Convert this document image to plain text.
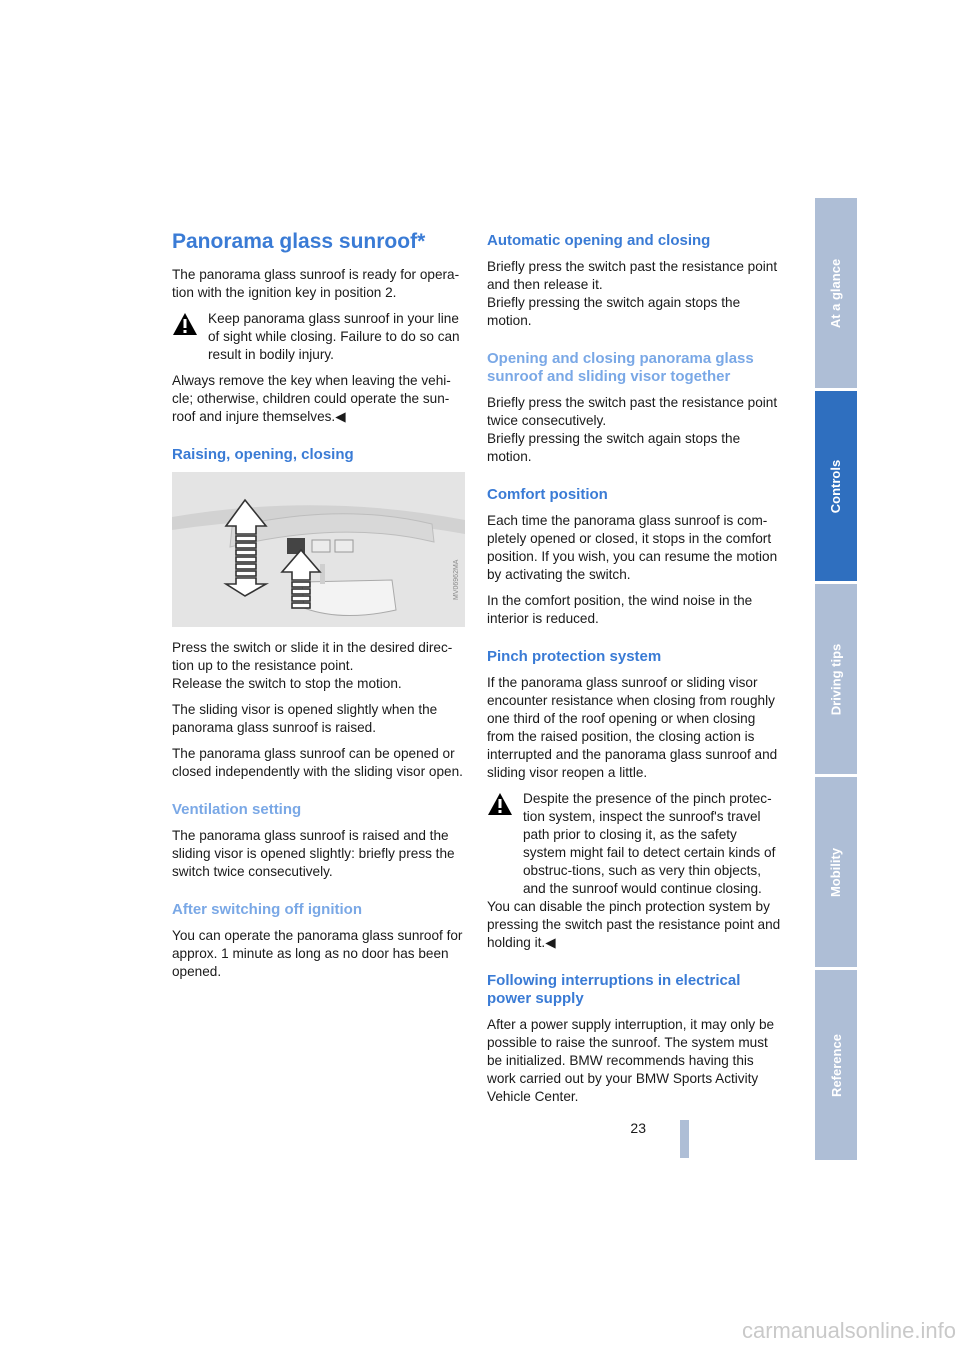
Panorama glass sunroof*

The panorama glass sunroof is ready for opera-tion with the ignition key in position 2.

Keep panorama glass sunroof in your line of sight while closing. Failure to do so can result in bodily injury.

Always remove the key when leaving the vehi-cle; otherwise, children could operate the sun-roof and injure themselves.◀

Raising, opening, closing
MV06962MA

Press the switch or slide it in the desired direc-tion up to the resistance point.

Release the switch to stop the motion.

The sliding visor is opened slightly when the panorama glass sunroof is raised.

The panorama glass sunroof can be opened or closed independently with the sliding visor open.

Ventilation setting

The panorama glass sunroof is raised and the sliding visor is opened slightly: briefly press the switch twice consecutively.

After switching off ignition

You can operate the panorama glass sunroof for approx. 1 minute as long as no door has been opened.

Automatic opening and closing

Briefly press the switch past the resistance point and then release it.

Briefly pressing the switch again stops the motion.

Opening and closing panorama glass sunroof and sliding visor together

Briefly press the switch past the resistance point twice consecutively.

Briefly pressing the switch again stops the motion.

Comfort position

Each time the panorama glass sunroof is com-pletely opened or closed, it stops in the comfort position. If you wish, you can resume the motion by activating the switch.

In the comfort position, the wind noise in the interior is reduced.

Pinch protection system

If the panorama glass sunroof or sliding visor encounter resistance when closing from roughly one third of the roof opening or when closing from the raised position, the closing action is interrupted and the panorama glass sunroof and sliding visor reopen a little.

Despite the presence of the pinch protec-tion system, inspect the sunroof's travel path prior to closing it, as the safety system might fail to detect certain kinds of obstruc-tions, such as very thin objects, and the sunroof would continue closing.

You can disable the pinch protection system by pressing the switch past the resistance point and holding it.◀

Following interruptions in electrical power supply

After a power supply interruption, it may only be possible to raise the sunroof. The system must be initialized. BMW recommends having this work carried out by your BMW Sports Activity Vehicle Center.

At a glance
Controls
Driving tips
Mobility
Reference
23
carmanualsonline.info
